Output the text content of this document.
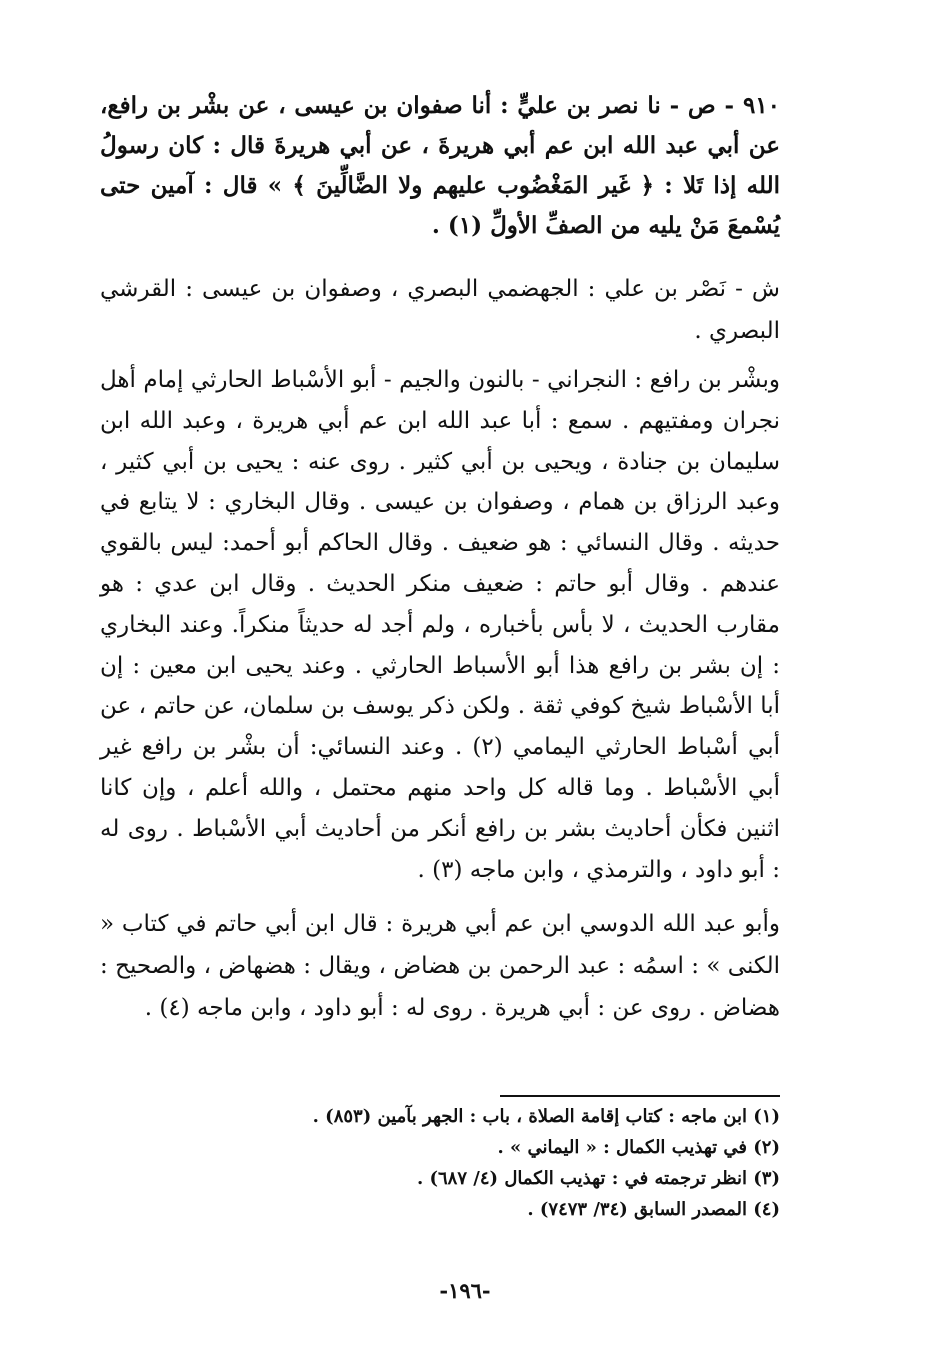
٩١٠ - ص - نا نصر بن عليٍّ : أنا صفوان بن عيسى ، عن بشْر بن رافع، عن أبي عبد الله ابن عم أبي هريرةَ ، عن أبي هريرةَ قال : كان رسولُ الله إذا تَلا : ﴿ غَير المَغْضُوب عليهم ولا الضَّالِّينَ ﴾ » قال : آمين حتى يُسْمعَ مَنْ يليه من الصفِّ الأولِّ (١) .

ش - نَصْر بن علي : الجهضمي البصري ، وصفوان بن عيسى : القرشي البصري .

وبشْر بن رافع : النجراني - بالنون والجيم - أبو الأسْباط الحارثي إمام أهل نجران ومفتيهم . سمع : أبا عبد الله ابن عم أبي هريرة ، وعبد الله ابن سليمان بن جنادة ، ويحيى بن أبي كثير . روى عنه : يحيى بن أبي كثير ، وعبد الرزاق بن همام ، وصفوان بن عيسى . وقال البخاري : لا يتابع في حديثه . وقال النسائي : هو ضعيف . وقال الحاكم أبو أحمد: ليس بالقوي عندهم . وقال أبو حاتم : ضعيف منكر الحديث . وقال ابن عدي : هو مقارب الحديث ، لا بأس بأخباره ، ولم أجد له حديثاً منكراً. وعند البخاري : إن بشر بن رافع هذا أبو الأسباط الحارثي . وعند يحيى ابن معين : إن أبا الأسْباط شيخ كوفي ثقة . ولكن ذكر يوسف بن سلمان، عن حاتم ، عن أبي أسْباط الحارثي اليمامي (٢) . وعند النسائي: أن بشْر بن رافع غير أبي الأسْباط . وما قاله كل واحد منهم محتمل ، والله أعلم ، وإن كانا اثنين فكأن أحاديث بشر بن رافع أنكر من أحاديث أبي الأسْباط . روى له : أبو داود ، والترمذي ، وابن ماجه (٣) .

وأبو عبد الله الدوسي ابن عم أبي هريرة : قال ابن أبي حاتم في كتاب « الكنى » : اسمُه : عبد الرحمن بن هضاض ، ويقال : هضهاض ، والصحيح : هضاض . روى عن : أبي هريرة . روى له : أبو داود ، وابن ماجه (٤) .

(١) ابن ماجه : كتاب إقامة الصلاة ، باب : الجهر بآمين (٨٥٣) .
(٢) في تهذيب الكمال : « اليماني » .
(٣) انظر ترجمته في : تهذيب الكمال (٤/ ٦٨٧) .
(٤) المصدر السابق (٣٤/ ٧٤٧٣) .
-١٩٦-
